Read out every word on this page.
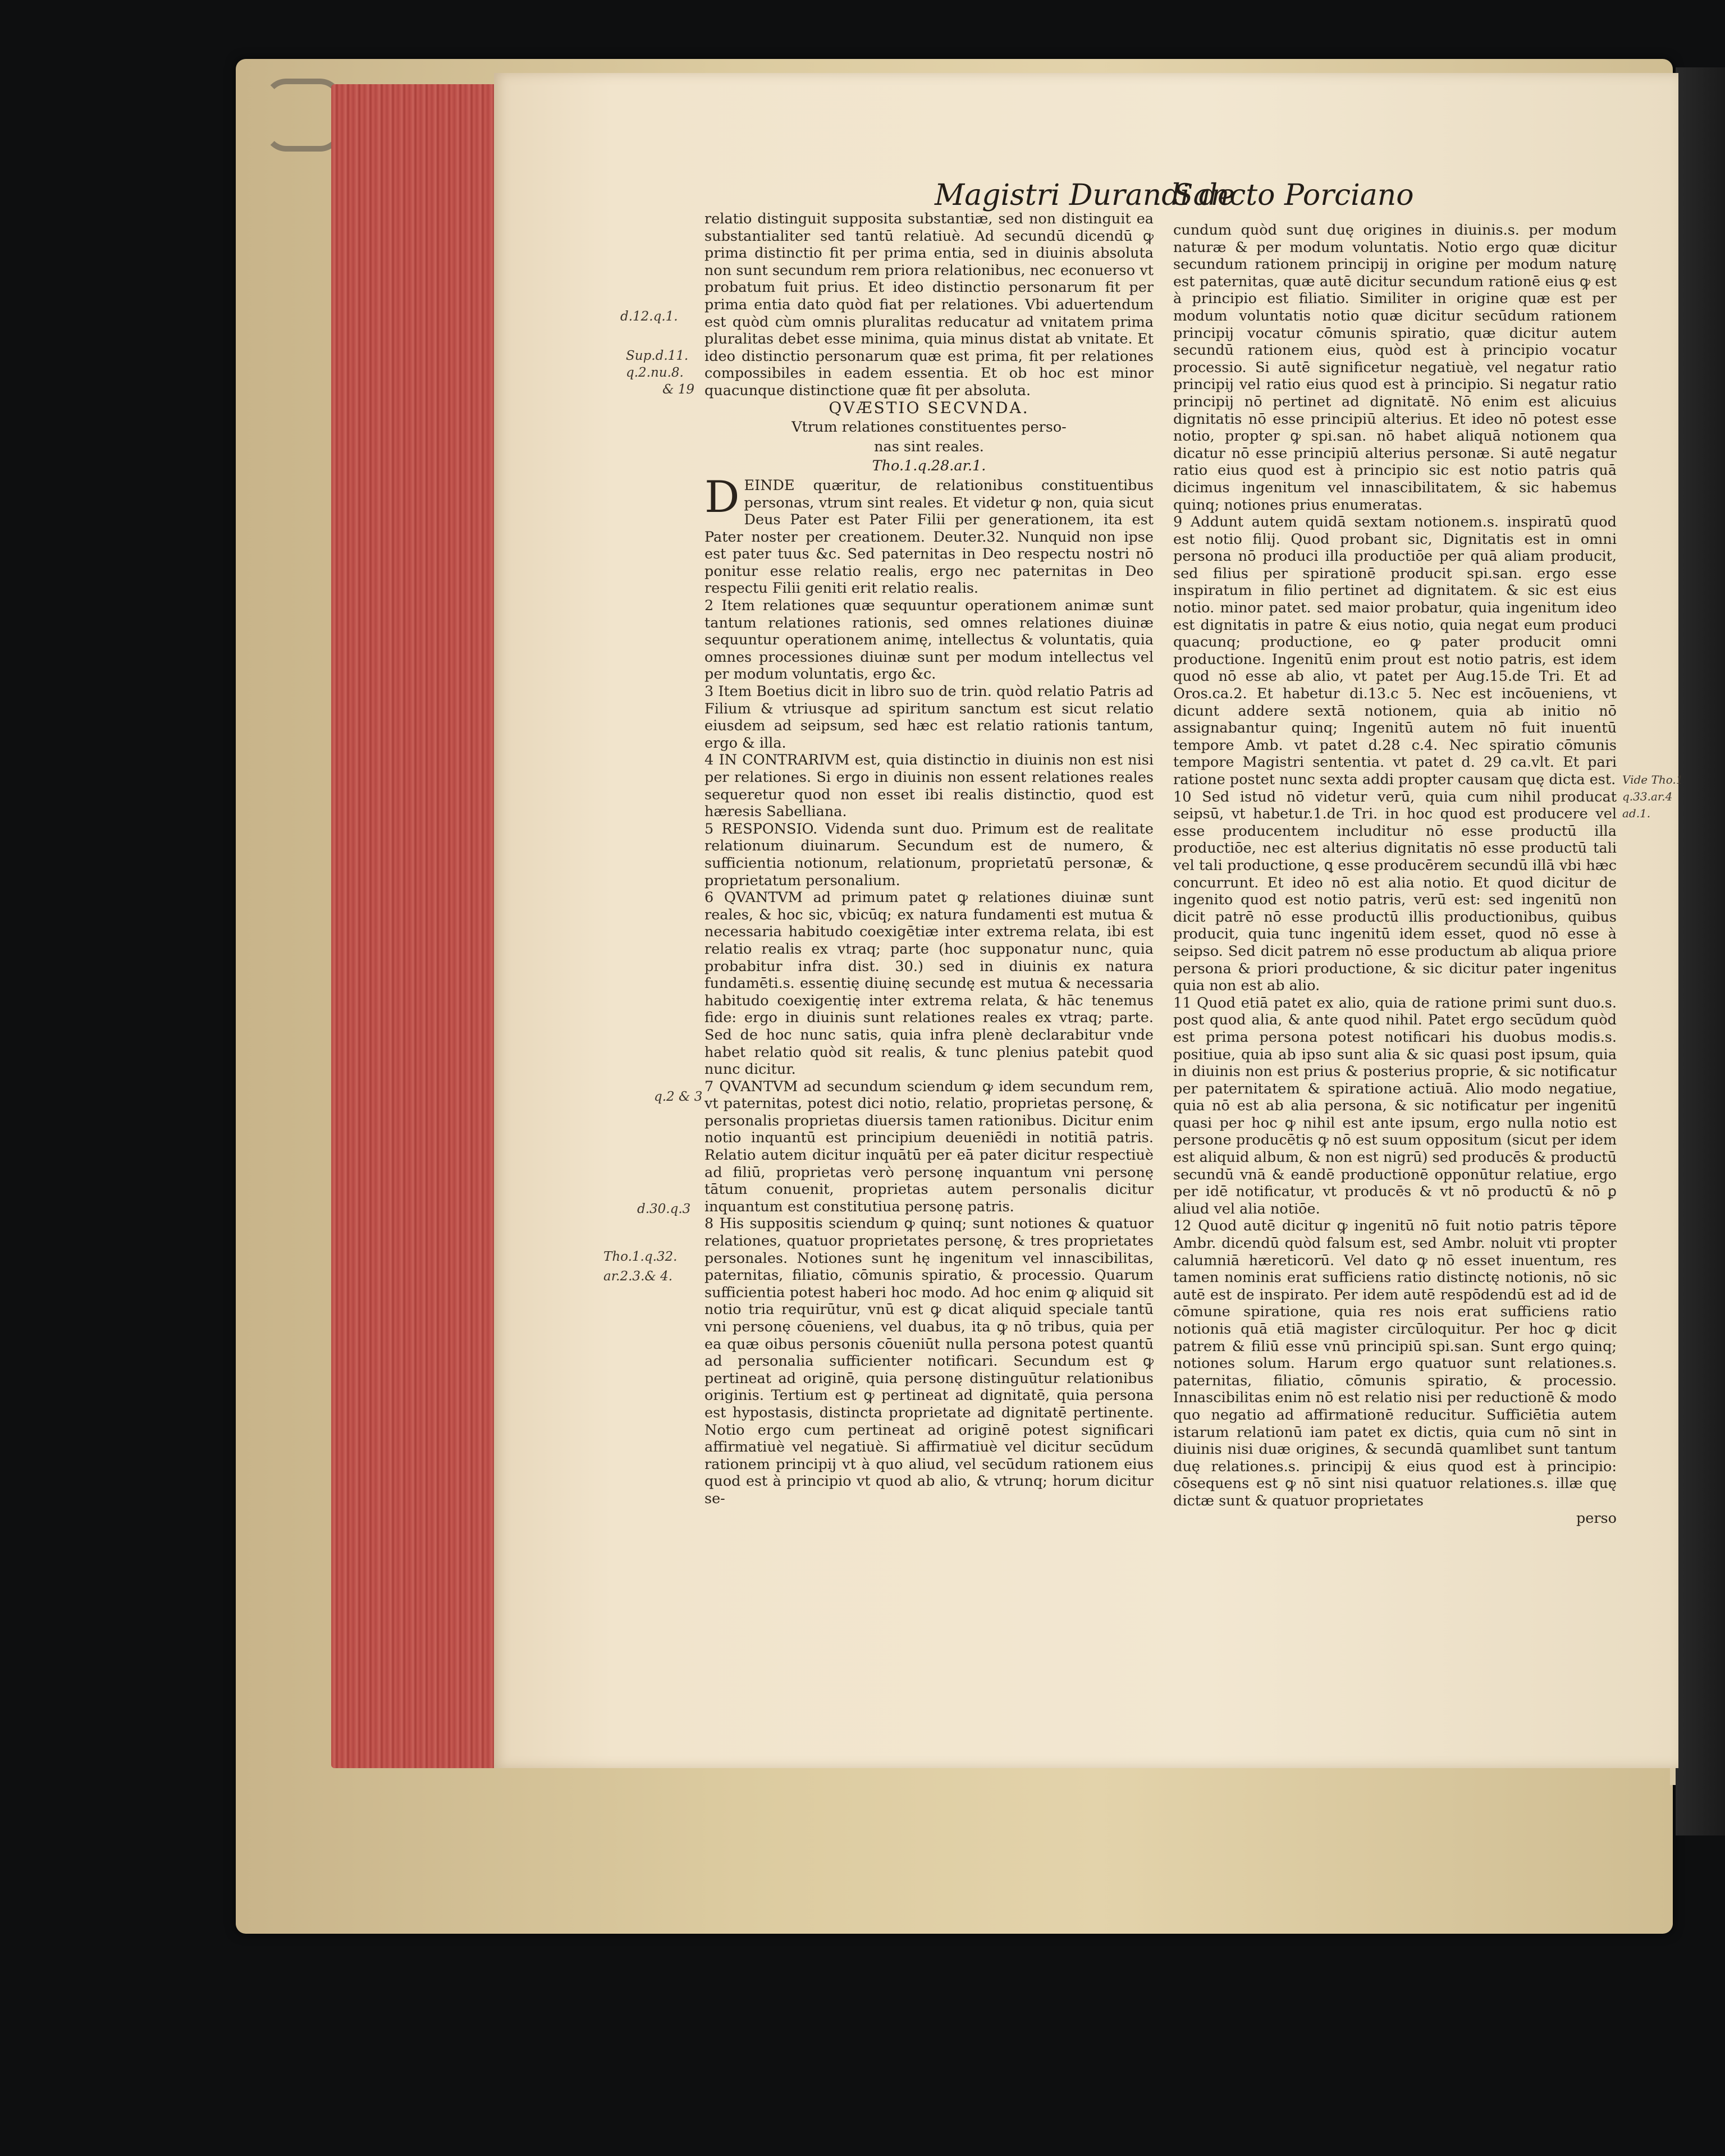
Magistri Durandi de
Sancto Porciano
d.12.q.1.
Sup.d.11.
q.2.nu.8.
& 19
q.2 & 3
d.30.q.3
Tho.1.q.32.
ar.2.3.& 4.
Vide Tho.1
q.33.ar.4
ad.1.

relatio distinguit supposita substantiæ, sed non distinguit ea substantialiter sed tantū relatiuè. Ad secundū dicendū ꝙ prima distinctio fit per prima entia, sed in diuinis absoluta non sunt secundum rem priora relationibus, nec econuerso vt probatum fuit prius. Et ideo distinctio personarum fit per prima entia dato quòd fiat per relationes. Vbi aduertendum est quòd cùm omnis pluralitas reducatur ad vnitatem prima pluralitas debet esse minima, quia minus distat ab vnitate. Et ideo distinctio personarum quæ est prima, fit per relationes compossibiles in eadem essentia. Et ob hoc est minor quacunque distinctione quæ fit per absoluta.

QVÆSTIO SECVNDA.

Vtrum relationes constituentes perso-

nas sint reales.

Tho.1.q.28.ar.1.

DEINDE quæritur, de relationibus constituentibus personas, vtrum sint reales. Et videtur ꝙ non, quia sicut Deus Pater est Pater Filii per generationem, ita est Pater noster per creationem. Deuter.32. Nunquid non ipse est pater tuus &c. Sed paternitas in Deo respectu nostri nō ponitur esse relatio realis, ergo nec paternitas in Deo respectu Filii geniti erit relatio realis.

2 Item relationes quæ sequuntur operationem animæ sunt tantum relationes rationis, sed omnes relationes diuinæ sequuntur operationem animę, intellectus & voluntatis, quia omnes processiones diuinæ sunt per modum intellectus vel per modum voluntatis, ergo &c.

3 Item Boetius dicit in libro suo de trin. quòd relatio Patris ad Filium & vtriusque ad spiritum sanctum est sicut relatio eiusdem ad seipsum, sed hæc est relatio rationis tantum, ergo & illa.

4 IN CONTRARIVM est, quia distinctio in diuinis non est nisi per relationes. Si ergo in diuinis non essent relationes reales sequeretur quod non esset ibi realis distinctio, quod est hæresis Sabelliana.

5 RESPONSIO. Videnda sunt duo. Primum est de realitate relationum diuinarum. Secundum est de numero, & sufficientia notionum, relationum, proprietatū personæ, & proprietatum personalium.

6 QVANTVM ad primum patet ꝙ relationes diuinæ sunt reales, & hoc sic, vbicūq; ex natura fundamenti est mutua & necessaria habitudo coexigētiæ inter extrema relata, ibi est relatio realis ex vtraq; parte (hoc supponatur nunc, quia probabitur infra dist. 30.) sed in diuinis ex natura fundamēti.s. essentię diuinę secundę est mutua & necessaria habitudo coexigentię inter extrema relata, & hāc tenemus fide: ergo in diuinis sunt relationes reales ex vtraq; parte. Sed de hoc nunc satis, quia infra plenè declarabitur vnde habet relatio quòd sit realis, & tunc plenius patebit quod nunc dicitur.

7 QVANTVM ad secundum sciendum ꝙ idem secundum rem, vt paternitas, potest dici notio, relatio, proprietas personę, & personalis proprietas diuersis tamen rationibus. Dicitur enim notio inquantū est principium deueniēdi in notitiā patris. Relatio autem dicitur inquātū per eā pater dicitur respectiuè ad filiū, proprietas verò personę inquantum vni personę tātum conuenit, proprietas autem personalis dicitur inquantum est constitutiua personę patris.

8 His suppositis sciendum ꝙ quinq; sunt notiones & quatuor relationes, quatuor proprietates personę, & tres proprietates personales. Notiones sunt hę ingenitum vel innascibilitas, paternitas, filiatio, cōmunis spiratio, & processio. Quarum sufficientia potest haberi hoc modo. Ad hoc enim ꝙ aliquid sit notio tria requirūtur, vnū est ꝙ dicat aliquid speciale tantū vni personę cōueniens, vel duabus, ita ꝙ nō tribus, quia per ea quæ oibus personis cōueniūt nulla persona potest quantū ad personalia sufficienter notificari. Secundum est ꝙ pertineat ad originē, quia personę distinguūtur relationibus originis. Tertium est ꝙ pertineat ad dignitatē, quia persona est hypostasis, distincta proprietate ad dignitatē pertinente. Notio ergo cum pertineat ad originē potest significari affirmatiuè vel negatiuè. Si affirmatiuè vel dicitur secūdum rationem principij vt à quo aliud, vel secūdum rationem eius quod est à principio vt quod ab alio, & vtrunq; horum dicitur se-

cundum quòd sunt duę origines in diuinis.s. per modum naturæ & per modum voluntatis. Notio ergo quæ dicitur secundum rationem principij in origine per modum naturę est paternitas, quæ autē dicitur secundum rationē eius ꝙ est à principio est filiatio. Similiter in origine quæ est per modum voluntatis notio quæ dicitur secūdum rationem principij vocatur cōmunis spiratio, quæ dicitur autem secundū rationem eius, quòd est à principio vocatur processio. Si autē significetur negatiuè, vel negatur ratio principij vel ratio eius quod est à principio. Si negatur ratio principij nō pertinet ad dignitatē. Nō enim est alicuius dignitatis nō esse principiū alterius. Et ideo nō potest esse notio, propter ꝙ spi.san. nō habet aliquā notionem qua dicatur nō esse principiū alterius personæ. Si autē negatur ratio eius quod est à principio sic est notio patris quā dicimus ingenitum vel innascibilitatem, & sic habemus quinq; notiones prius enumeratas.

9 Addunt autem quidā sextam notionem.s. inspiratū quod est notio filij. Quod probant sic, Dignitatis est in omni persona nō produci illa productiōe per quā aliam producit, sed filius per spirationē producit spi.san. ergo esse inspiratum in filio pertinet ad dignitatem. & sic est eius notio. minor patet. sed maior probatur, quia ingenitum ideo est dignitatis in patre & eius notio, quia negat eum produci quacunq; productione, eo ꝙ pater producit omni productione. Ingenitū enim prout est notio patris, est idem quod nō esse ab alio, vt patet per Aug.15.de Tri. Et ad Oros.ca.2. Et habetur di.13.c 5. Nec est incōueniens, vt dicunt addere sextā notionem, quia ab initio nō assignabantur quinq; Ingenitū autem nō fuit inuentū tempore Amb. vt patet d.28 c.4. Nec spiratio cōmunis tempore Magistri sententia. vt patet d. 29 ca.vlt. Et pari ratione postet nunc sexta addi propter causam quę dicta est.

10 Sed istud nō videtur verū, quia cum nihil producat seipsū, vt habetur.1.de Tri. in hoc quod est producere vel esse producentem includitur nō esse productū illa productiōe, nec est alterius dignitatis nō esse productū tali vel tali productione, ꝗ esse producērem secundū illā vbi hæc concurrunt. Et ideo nō est alia notio. Et quod dicitur de ingenito quod est notio patris, verū est: sed ingenitū non dicit patrē nō esse productū illis productionibus, quibus producit, quia tunc ingenitū idem esset, quod nō esse à seipso. Sed dicit patrem nō esse productum ab aliqua priore persona & priori productione, & sic dicitur pater ingenitus quia non est ab alio.

11 Quod etiā patet ex alio, quia de ratione primi sunt duo.s. post quod alia, & ante quod nihil. Patet ergo secūdum quòd est prima persona potest notificari his duobus modis.s. positiue, quia ab ipso sunt alia & sic quasi post ipsum, quia in diuinis non est prius & posterius proprie, & sic notificatur per paternitatem & spiratione actiuā. Alio modo negatiue, quia nō est ab alia persona, & sic notificatur per ingenitū quasi per hoc ꝙ nihil est ante ipsum, ergo nulla notio est persone producētis ꝙ nō est suum oppositum (sicut per idem est aliquid album, & non est nigrū) sed producēs & productū secundū vnā & eandē productionē opponūtur relatiue, ergo per idē notificatur, vt producēs & vt nō productū & nō ꝑ aliud vel alia notiōe.

12 Quod autē dicitur ꝙ ingenitū nō fuit notio patris tēpore Ambr. dicendū quòd falsum est, sed Ambr. noluit vti propter calumniā hæreticorū. Vel dato ꝙ nō esset inuentum, res tamen nominis erat sufficiens ratio distinctę notionis, nō sic autē est de inspirato. Per idem autē respōdendū est ad id de cōmune spiratione, quia res nois erat sufficiens ratio notionis quā etiā magister circūloquitur. Per hoc ꝙ dicit patrem & filiū esse vnū principiū spi.san. Sunt ergo quinq; notiones solum. Harum ergo quatuor sunt relationes.s. paternitas, filiatio, cōmunis spiratio, & processio. Innascibilitas enim nō est relatio nisi per reductionē & modo quo negatio ad affirmationē reducitur. Sufficiētia autem istarum relationū iam patet ex dictis, quia cum nō sint in diuinis nisi duæ origines, & secundā quamlibet sunt tantum duę relationes.s. principij & eius quod est à principio: cōsequens est ꝙ nō sint nisi quatuor relationes.s. illæ quę dictæ sunt & quatuor proprietates

perso
